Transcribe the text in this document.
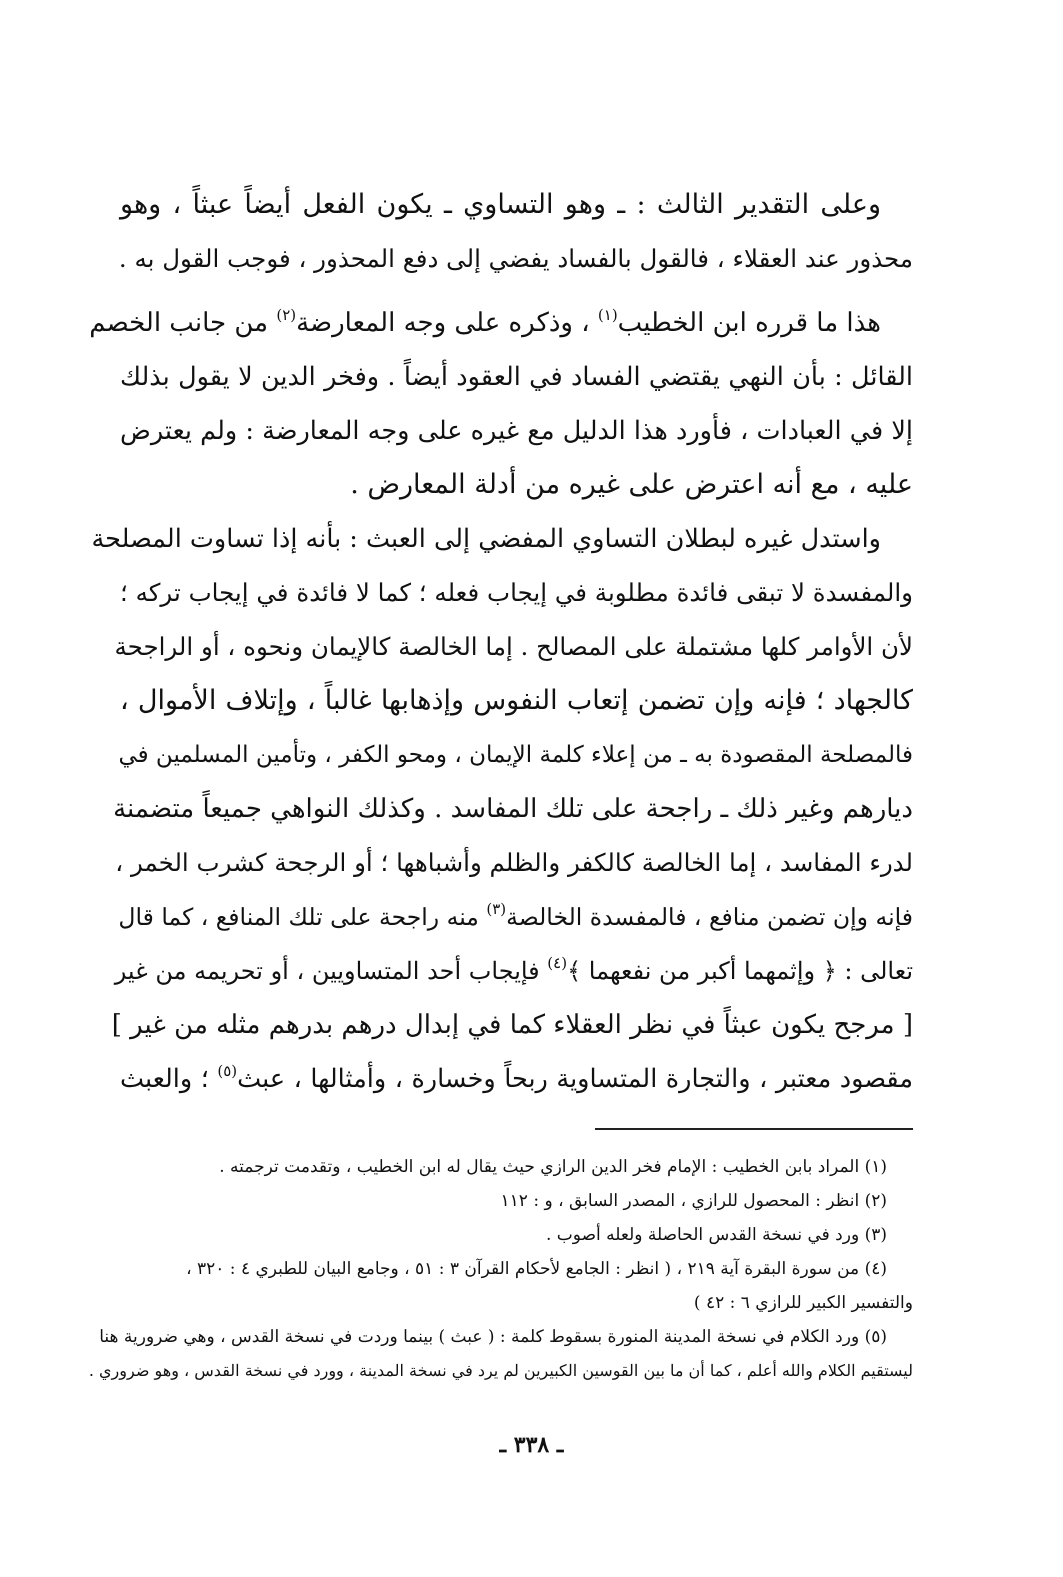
وعلى التقدير الثالث : ـ وهو التساوي ـ يكون الفعل أيضاً عبثاً ، وهو
محذور عند العقلاء ، فالقول بالفساد يفضي إلى دفع المحذور ، فوجب القول به .

هذا ما قرره ابن الخطيب$^{(١)}$ ، وذكره على وجه المعارضة$^{(٢)}$ من جانب الخصم
القائل : بأن النهي يقتضي الفساد في العقود أيضاً . وفخر الدين لا يقول بذلك
إلا في العبادات ، فأورد هذا الدليل مع غيره على وجه المعارضة : ولم يعترض
عليه ، مع أنه اعترض على غيره من أدلة المعارض .

واستدل غيره لبطلان التساوي المفضي إلى العبث : بأنه إذا تساوت المصلحة
والمفسدة لا تبقى فائدة مطلوبة في إيجاب فعله ؛ كما لا فائدة في إيجاب تركه ؛
لأن الأوامر كلها مشتملة على المصالح . إما الخالصة كالإيمان ونحوه ، أو الراجحة
كالجهاد ؛ فإنه وإن تضمن إتعاب النفوس وإذهابها غالباً ، وإتلاف الأموال ،
فالمصلحة المقصودة به ـ من إعلاء كلمة الإيمان ، ومحو الكفر ، وتأمين المسلمين في
ديارهم وغير ذلك ـ راجحة على تلك المفاسد . وكذلك النواهي جميعاً متضمنة
لدرء المفاسد ، إما الخالصة كالكفر والظلم وأشباهها ؛ أو الرجحة كشرب الخمر ،
فإنه وإن تضمن منافع ، فالمفسدة الخالصة$^{(٣)}$ منه راجحة على تلك المنافع ، كما قال
تعالى : ﴿ وإثمهما أكبر من نفعهما ﴾$^{(٤)}$ فإيجاب أحد المتساويين ، أو تحريمه من غير
[ مرجح يكون عبثاً في نظر العقلاء كما في إبدال درهم بدرهم مثله من غير ]
مقصود معتبر ، والتجارة المتساوية ربحاً وخسارة ، وأمثالها ، عبث$^{(٥)}$ ؛ والعبث

(١) المراد بابن الخطيب : الإمام فخر الدين الرازي حيث يقال له ابن الخطيب ، وتقدمت ترجمته .

(٢) انظر : المحصول للرازي ، المصدر السابق ، و : ١١٢

(٣) ورد في نسخة القدس الحاصلة ولعله أصوب .

(٤) من سورة البقرة آية ٢١٩ ، ( انظر : الجامع لأحكام القرآن ٣ : ٥١ ، وجامع البيان للطبري ٤ : ٣٢٠ ،
والتفسير الكبير للرازي ٦ : ٤٢ )

(٥) ورد الكلام في نسخة المدينة المنورة بسقوط كلمة : ( عبث ) بينما وردت في نسخة القدس ، وهي ضرورية هنا
ليستقيم الكلام والله أعلم ، كما أن ما بين القوسين الكبيرين لم يرد في نسخة المدينة ، وورد في نسخة القدس ، وهو ضروري .

ـ ٣٣٨ ـ
